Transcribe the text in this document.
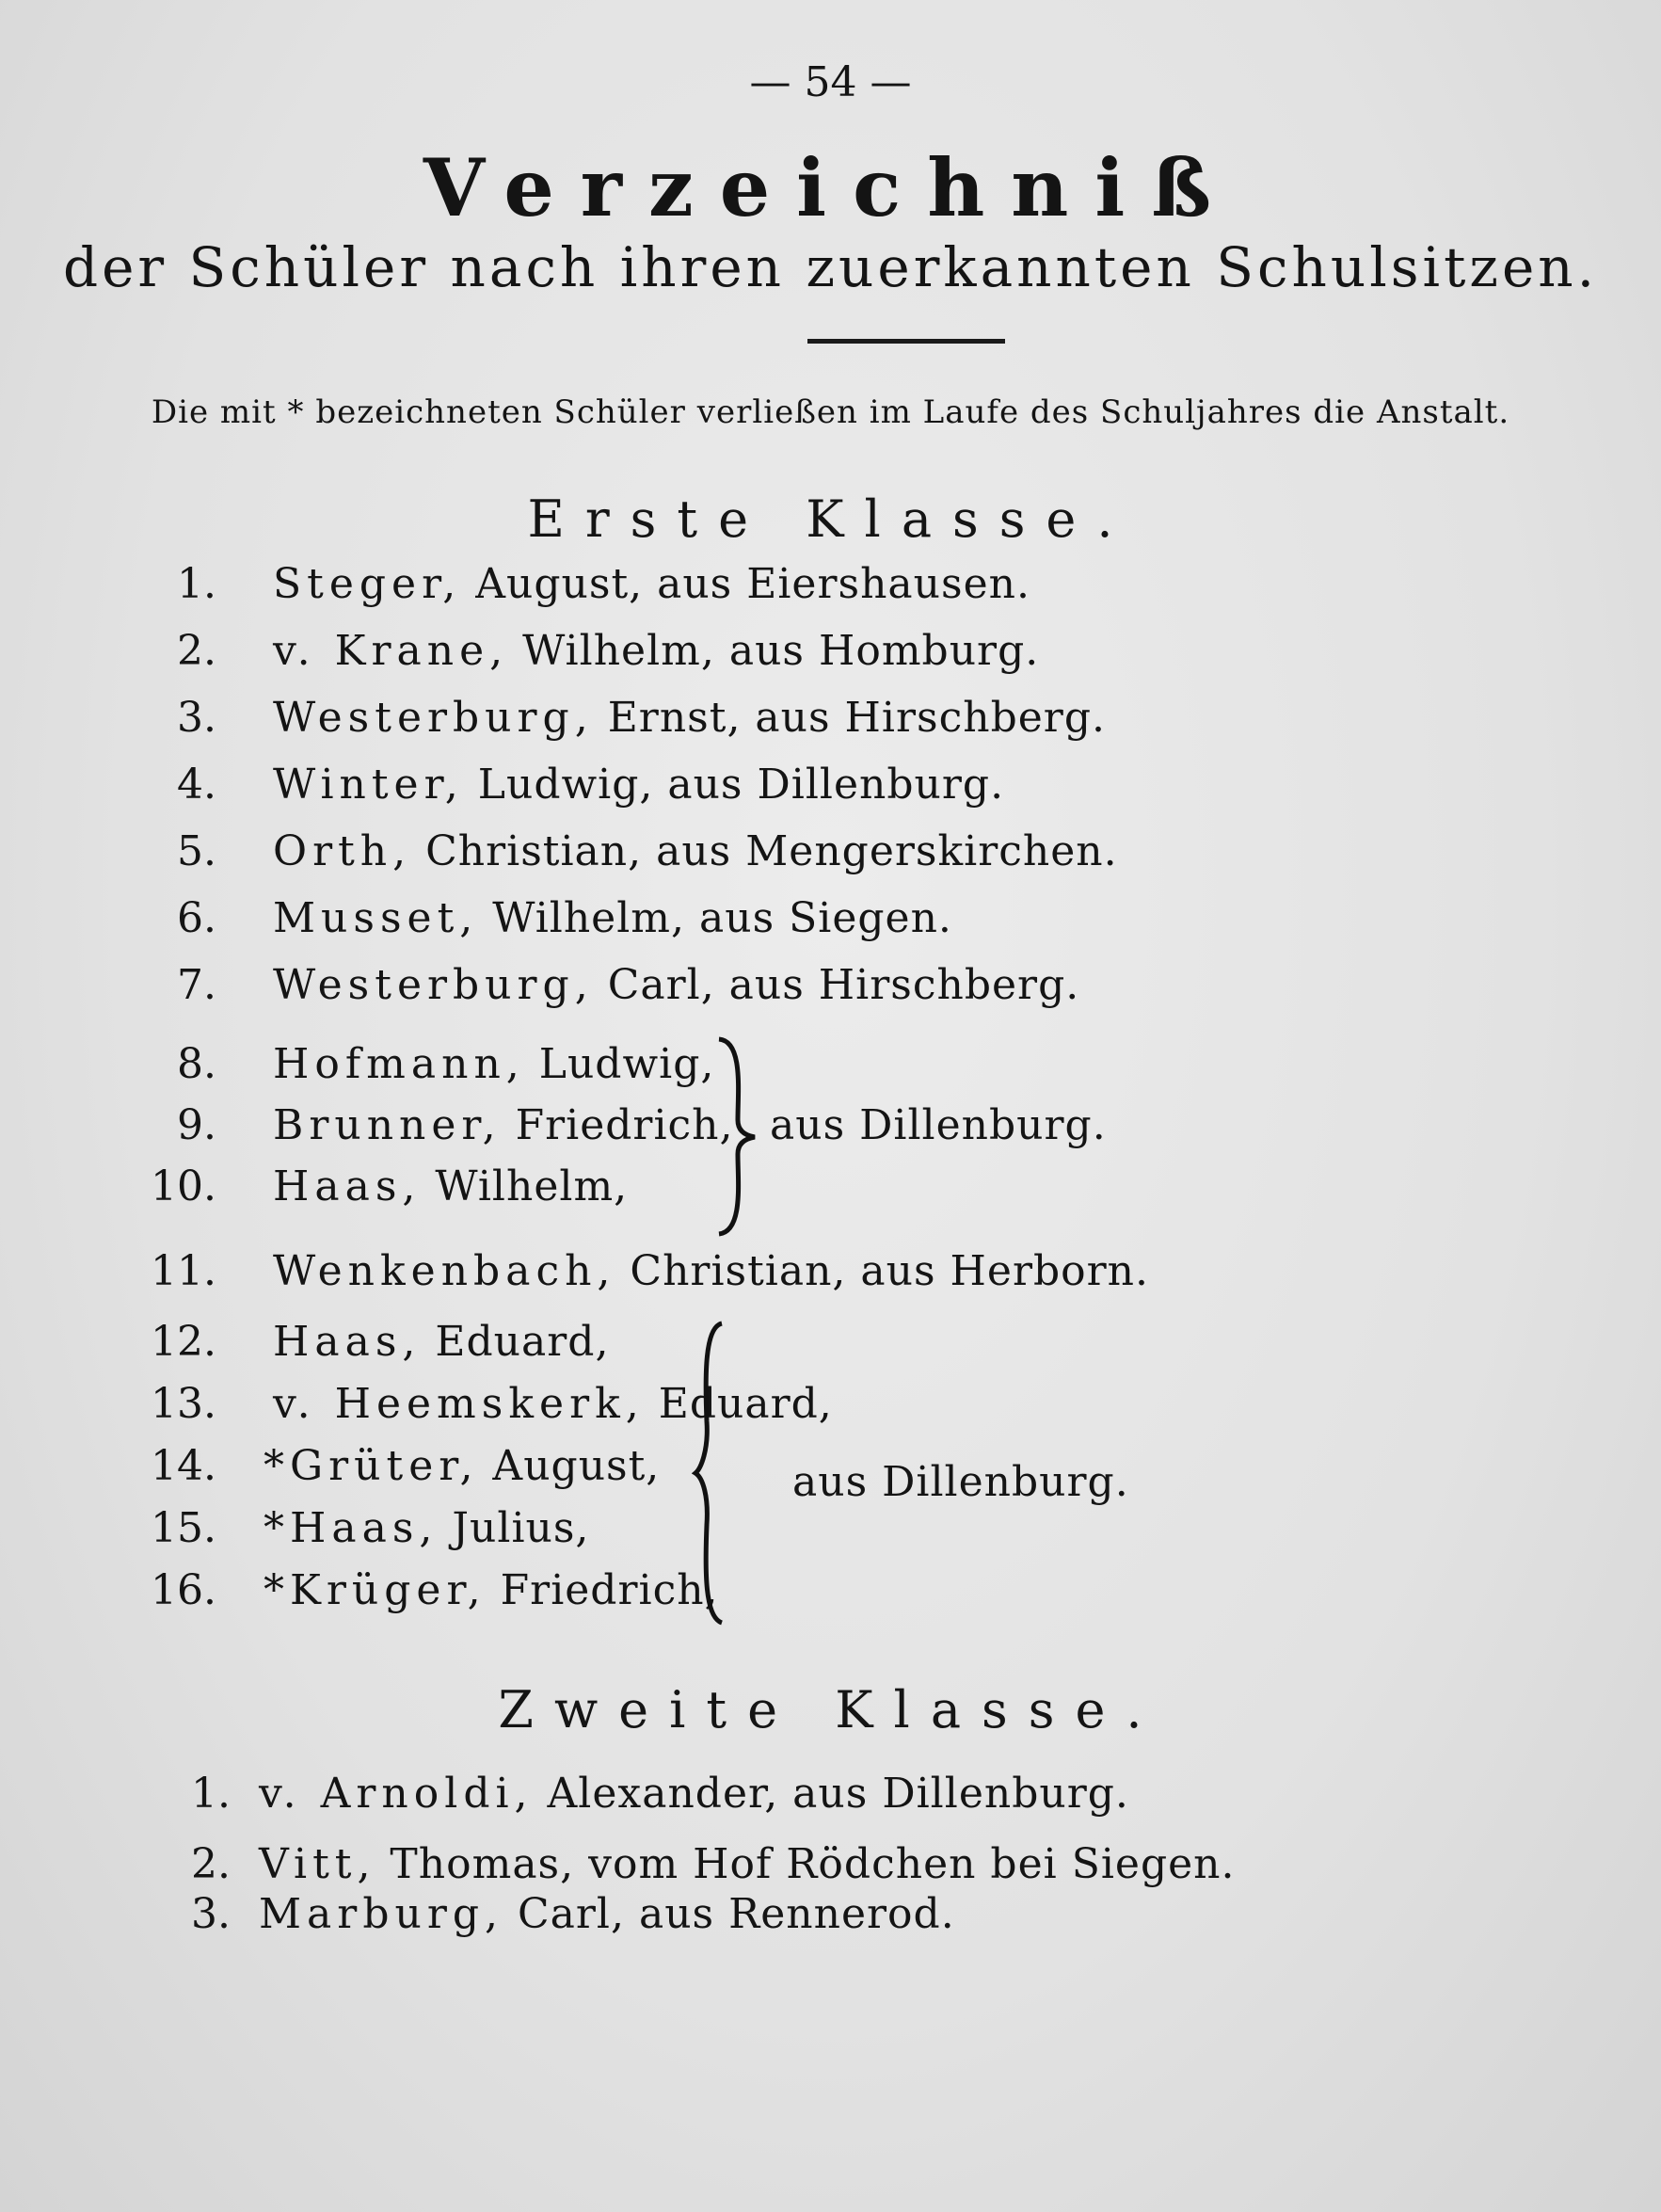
— 54 —
Verzeichniß
der Schüler nach ihren zuerkannten Schulsitzen.
Die mit * bezeichneten Schüler verließen im Laufe des Schuljahres die Anstalt.
Erste Klasse.
1. Steger, August, aus Eiershausen.
2. v. Krane, Wilhelm, aus Homburg.
3. Westerburg, Ernst, aus Hirschberg.
4. Winter, Ludwig, aus Dillenburg.
5. Orth, Christian, aus Mengerskirchen.
6. Musset, Wilhelm, aus Siegen.
7. Westerburg, Carl, aus Hirschberg.
8. Hofmann, Ludwig,
9. Brunner, Friedrich,
10. Haas, Wilhelm,
aus Dillenburg.
11. Wenkenbach, Christian, aus Herborn.
12. Haas, Eduard,
13. v. Heemskerk, Eduard,
14. *Grüter, August,
15. *Haas, Julius,
16. *Krüger, Friedrich,
aus Dillenburg.
Zweite Klasse.
1. v. Arnoldi, Alexander, aus Dillenburg.
2. Vitt, Thomas, vom Hof Rödchen bei Siegen.
3. Marburg, Carl, aus Rennerod.
